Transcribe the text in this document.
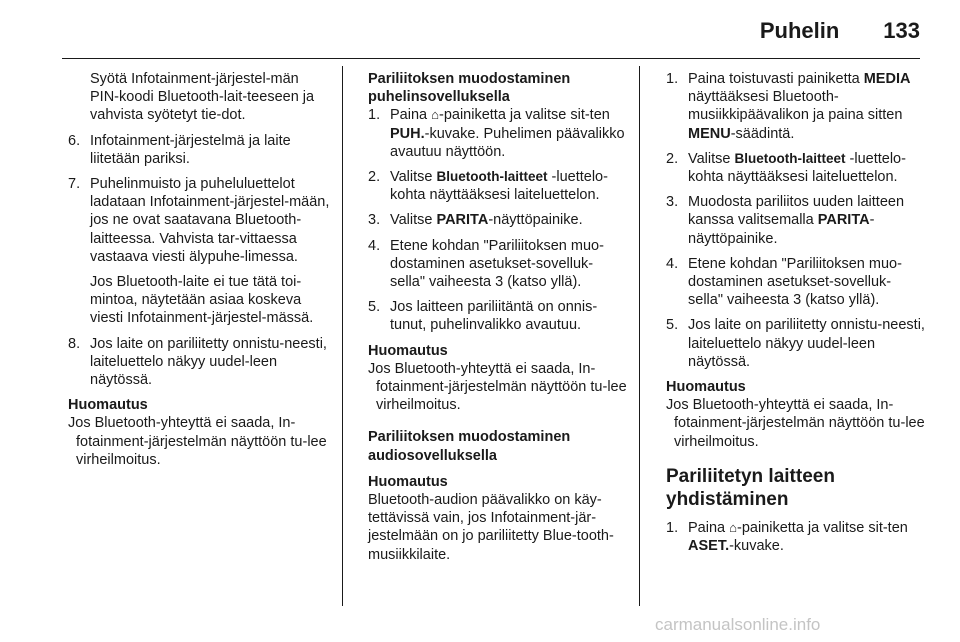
Puhelin 133
Syötä Infotainment-järjestel-män PIN-koodi Bluetooth-lait-teeseen ja vahvista syötetyt tie-dot.
6. Infotainment-järjestelmä ja laite liitetään pariksi.
7. Puhelinmuisto ja puheluluettelot ladataan Infotainment-järjestel-mään, jos ne ovat saatavana Bluetooth-laitteessa. Vahvista tar-vittaessa vastaava viesti älypuhe-limessa.
Jos Bluetooth-laite ei tue tätä toi-mintoa, näytetään asiaa koskeva viesti Infotainment-järjestel-mässä.
8. Jos laite on pariliitetty onnistu-neesti, laiteluettelo näkyy uudel-leen näytössä.
Huomautus
Jos Bluetooth-yhteyttä ei saada, In-fotainment-järjestelmän näyttöön tu-lee virheilmoitus.
Pariliitoksen muodostaminen puhelinsovelluksella
1. Paina ⌂-painiketta ja valitse sit-ten PUH.-kuvake. Puhelimen päävalikko avautuu näyttöön.
2. Valitse Bluetooth-laitteet -luettelo-kohta näyttääksesi laiteluettelon.
3. Valitse PARITA-näyttöpainike.
4. Etene kohdan "Pariliitoksen muo-dostaminen asetukset-sovelluk-sella" vaiheesta 3 (katso yllä).
5. Jos laitteen pariliitäntä on onnis-tunut, puhelinvalikko avautuu.
Huomautus
Jos Bluetooth-yhteyttä ei saada, In-fotainment-järjestelmän näyttöön tu-lee virheilmoitus.
Pariliitoksen muodostaminen audiosovelluksella
Huomautus
Bluetooth-audion päävalikko on käy-tettävissä vain, jos Infotainment-jär-jestelmään on jo pariliitetty Blue-tooth-musiikkilaite.
1. Paina toistuvasti painiketta MEDIA näyttääksesi Bluetooth-musiikkipäävalikon ja paina sitten MENU-säädintä.
2. Valitse Bluetooth-laitteet -luettelo-kohta näyttääksesi laiteluettelon.
3. Muodosta pariliitos uuden laitteen kanssa valitsemalla PARITA-näyttöpainike.
4. Etene kohdan "Pariliitoksen muo-dostaminen asetukset-sovelluk-sella" vaiheesta 3 (katso yllä).
5. Jos laite on pariliitetty onnistu-neesti, laiteluettelo näkyy uudel-leen näytössä.
Huomautus
Jos Bluetooth-yhteyttä ei saada, In-fotainment-järjestelmän näyttöön tu-lee virheilmoitus.
Pariliitetyn laitteen yhdistäminen
1. Paina ⌂-painiketta ja valitse sit-ten ASET.-kuvake.
carmanualsonline.info
